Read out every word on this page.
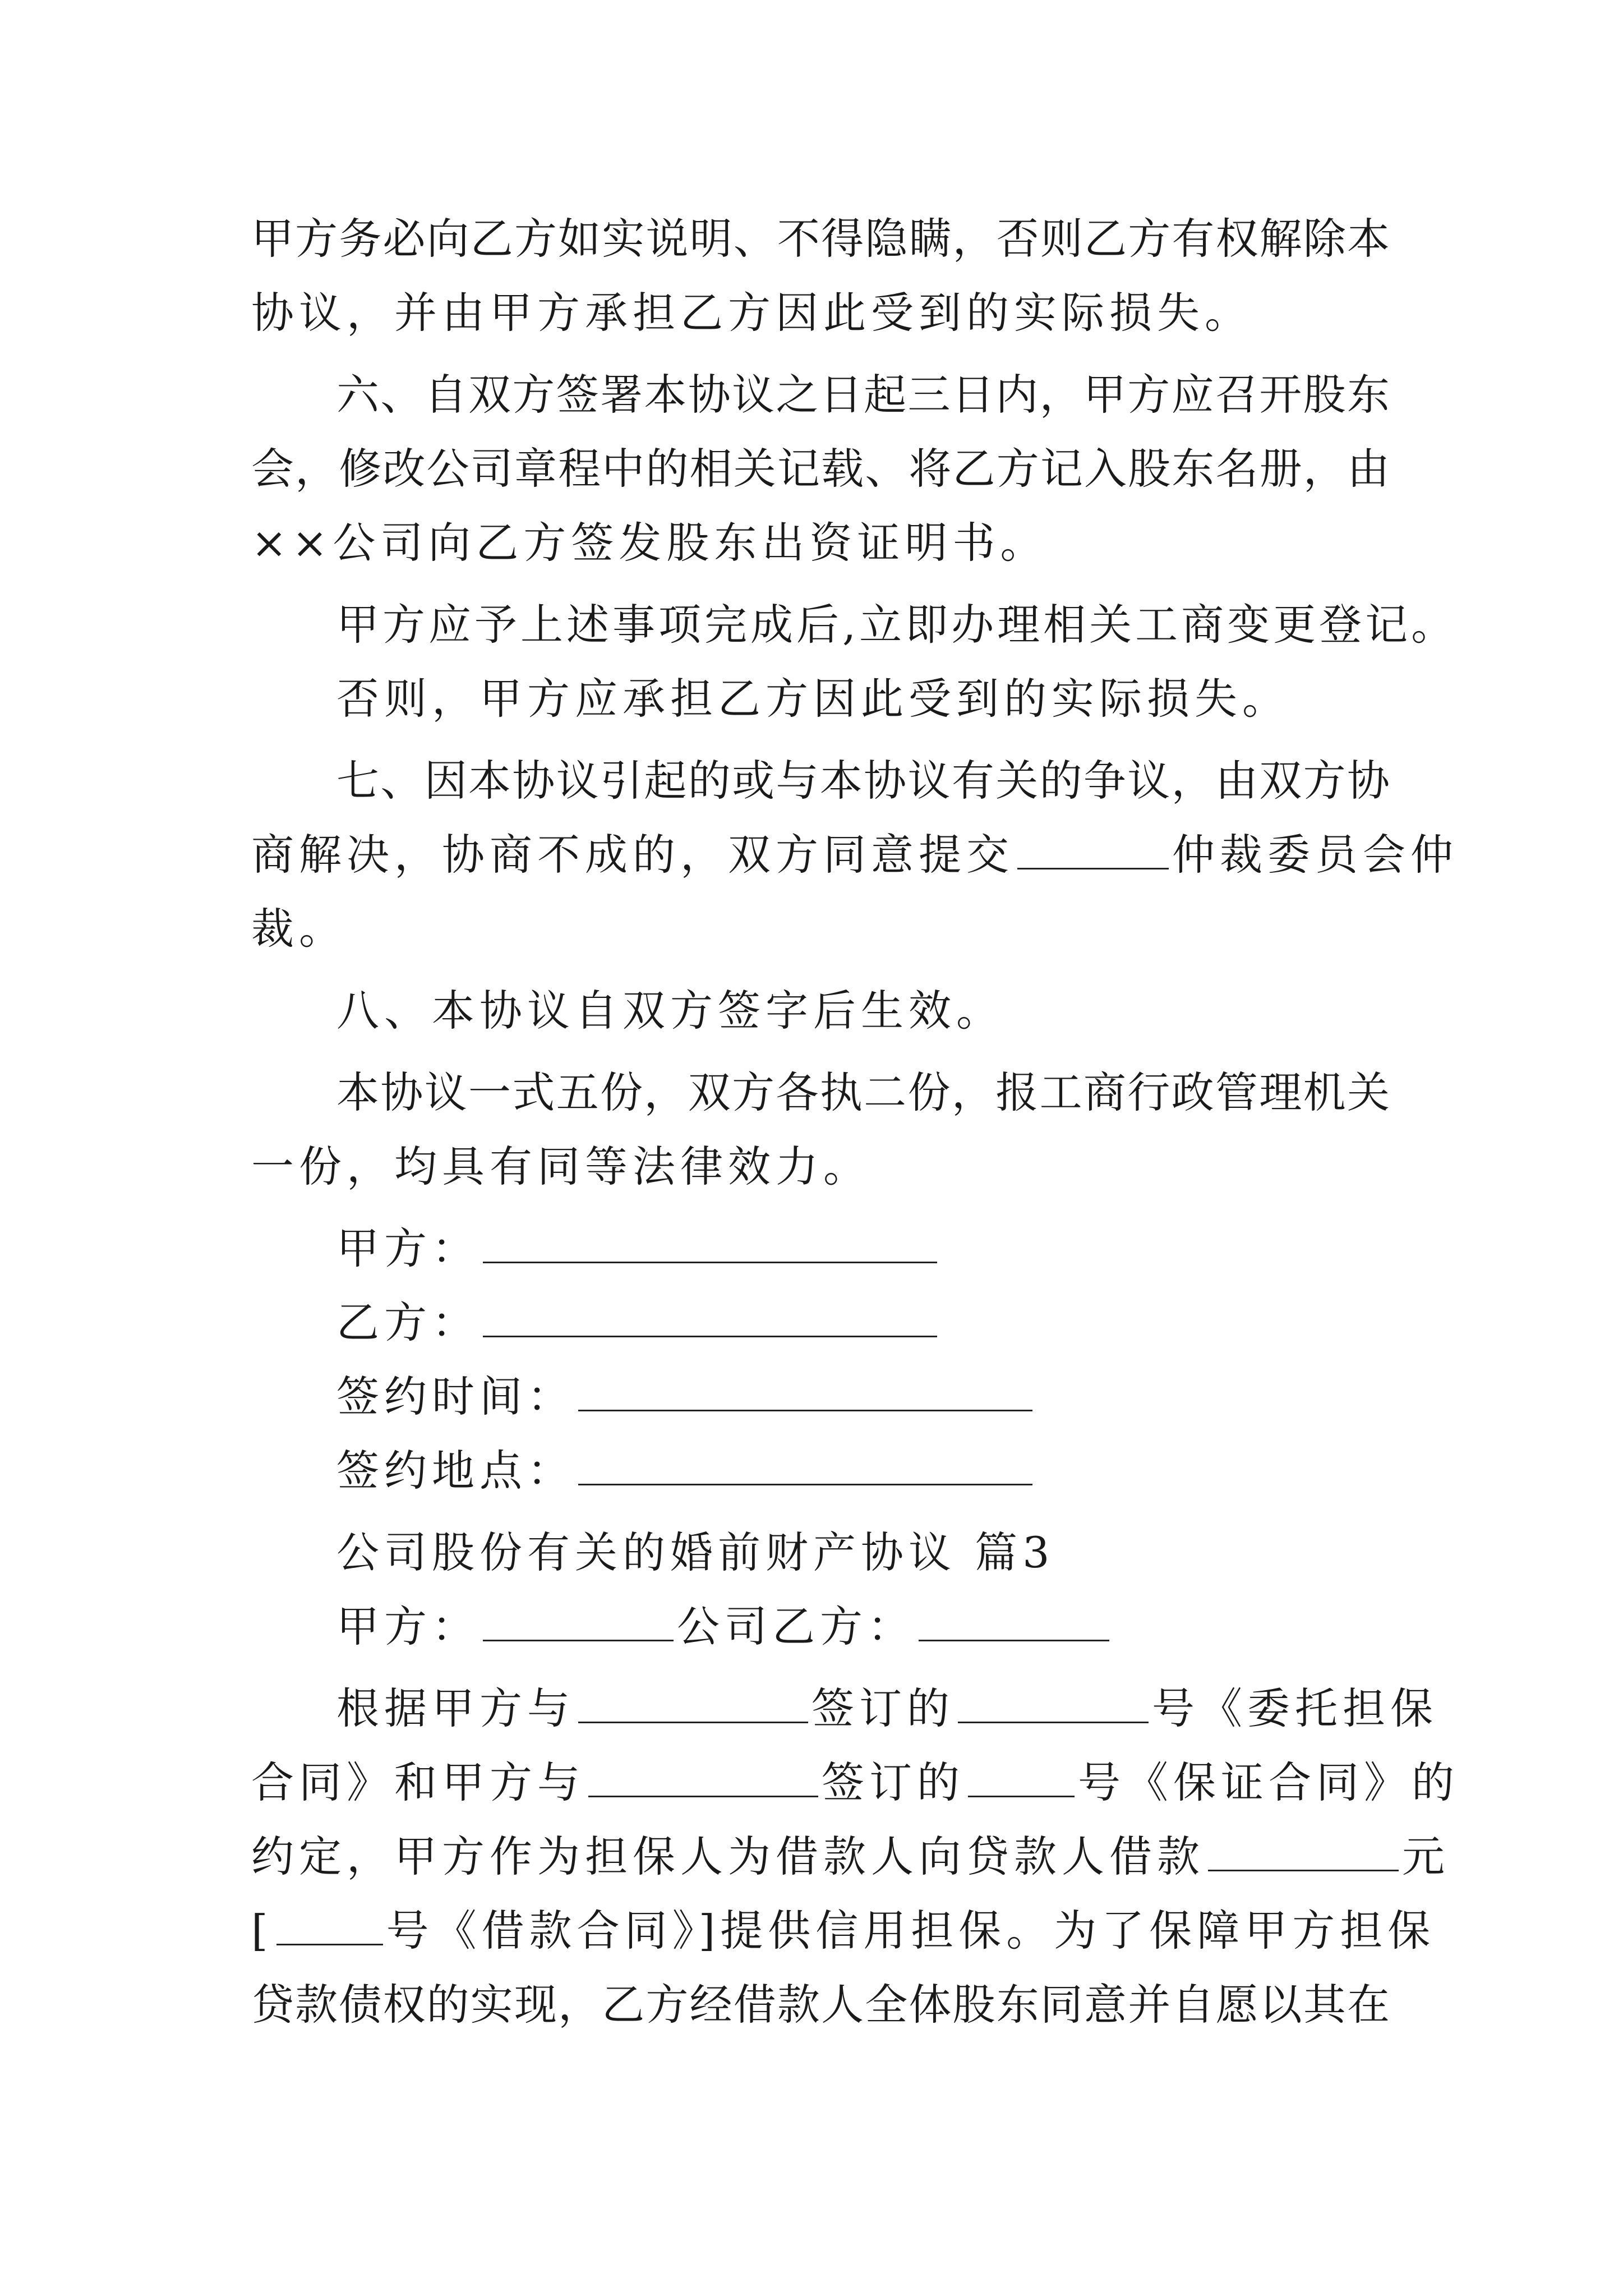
甲方务必向乙方如实说明、不得隐瞒，否则乙方有权解除本
协议，并由甲方承担乙方因此受到的实际损失。
六、自双方签署本协议之日起三日内，甲方应召开股东
会，修改公司章程中的相关记载、将乙方记入股东名册，由
××公司向乙方签发股东出资证明书。
甲方应予上述事项完成后,立即办理相关工商变更登记。
否则，甲方应承担乙方因此受到的实际损失。
七、因本协议引起的或与本协议有关的争议，由双方协
商解决，协商不成的，双方同意提交	仲裁委员会仲
裁。
八、本协议自双方签字后生效。
本协议一式五份，双方各执二份，报工商行政管理机关
一份，均具有同等法律效力。
甲方：
乙方：
签约时间：
签约地点：
公司股份有关的婚前财产协议 篇3
甲方：	公司乙方：
根据甲方与	签订的	号《委托担保
合同》和甲方与	签订的	号《保证合同》的
约定，甲方作为担保人为借款人向贷款人借款	元
[	号《借款合同》]提供信用担保。为了保障甲方担保
贷款债权的实现，乙方经借款人全体股东同意并自愿以其在
